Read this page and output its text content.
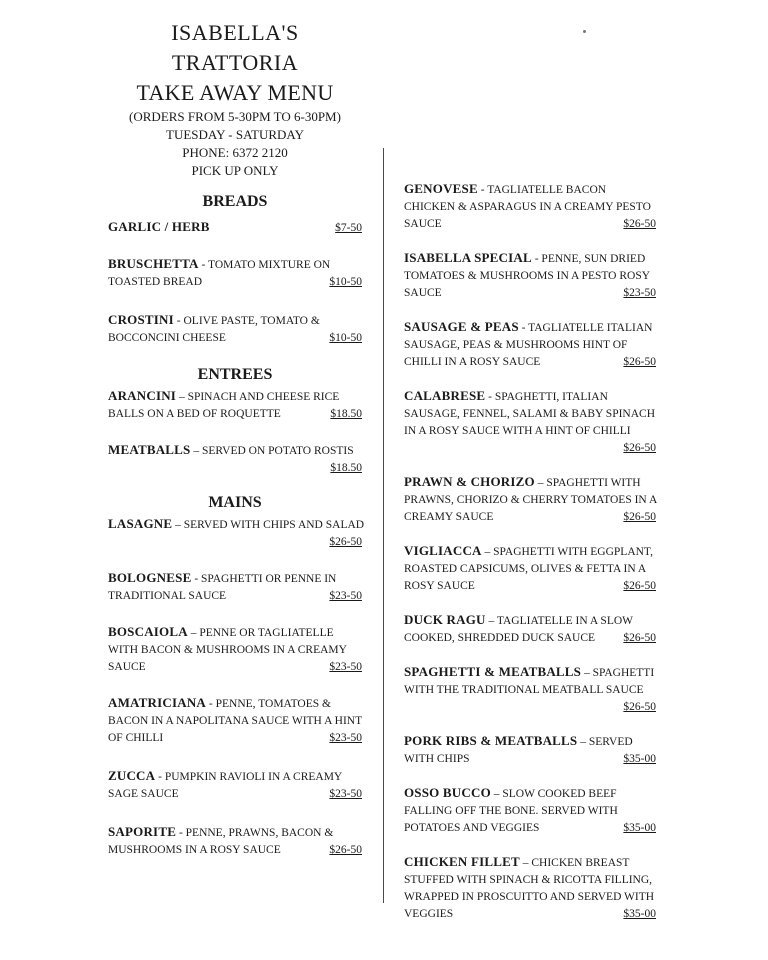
ISABELLA'S
TRATTORIA
TAKE AWAY MENU
(ORDERS FROM 5-30PM TO 6-30PM)
TUESDAY - SATURDAY
PHONE: 6372 2120
PICK UP ONLY
BREADS
GARLIC / HERB	$7-50
BRUSCHETTA - TOMATO MIXTURE ON TOASTED BREAD	$10-50
CROSTINI - OLIVE PASTE, TOMATO & BOCCONCINI CHEESE	$10-50
ENTREES
ARANCINI – SPINACH AND CHEESE RICE BALLS ON A BED OF ROQUETTE	$18.50
MEATBALLS – SERVED ON POTATO ROSTIS
$18.50
MAINS
LASAGNE – SERVED WITH CHIPS AND SALAD
$26-50
BOLOGNESE - SPAGHETTI OR PENNE IN TRADITIONAL SAUCE	$23-50
BOSCAIOLA – PENNE OR TAGLIATELLE WITH BACON & MUSHROOMS IN A CREAMY SAUCE	$23-50
AMATRICIANA - PENNE, TOMATOES & BACON IN A NAPOLITANA SAUCE WITH A HINT OF CHILLI	$23-50
ZUCCA - PUMPKIN RAVIOLI IN A CREAMY SAGE SAUCE	$23-50
SAPORITE - PENNE, PRAWNS, BACON & MUSHROOMS IN A ROSY SAUCE	$26-50
GENOVESE - TAGLIATELLE BACON CHICKEN & ASPARAGUS IN A CREAMY PESTO SAUCE	$26-50
ISABELLA SPECIAL - PENNE, SUN DRIED TOMATOES & MUSHROOMS IN A PESTO ROSY SAUCE	$23-50
SAUSAGE & PEAS - TAGLIATELLE ITALIAN SAUSAGE, PEAS & MUSHROOMS HINT OF CHILLI IN A ROSY SAUCE	$26-50
CALABRESE - SPAGHETTI, ITALIAN SAUSAGE, FENNEL, SALAMI & BABY SPINACH IN A ROSY SAUCE WITH A HINT OF CHILLI
$26-50
PRAWN & CHORIZO – SPAGHETTI WITH PRAWNS, CHORIZO & CHERRY TOMATOES IN A CREAMY SAUCE	$26-50
VIGLIACCA – SPAGHETTI WITH EGGPLANT, ROASTED CAPSICUMS, OLIVES & FETTA IN A ROSY SAUCE	$26-50
DUCK RAGU – TAGLIATELLE IN A SLOW COOKED, SHREDDED DUCK SAUCE $26-50
SPAGHETTI & MEATBALLS – SPAGHETTI WITH THE TRADITIONAL MEATBALL SAUCE
$26-50
PORK RIBS & MEATBALLS – SERVED WITH CHIPS	$35-00
OSSO BUCCO – SLOW COOKED BEEF FALLING OFF THE BONE. SERVED WITH POTATOES AND VEGGIES	$35-00
CHICKEN FILLET – CHICKEN BREAST STUFFED WITH SPINACH & RICOTTA FILLING, WRAPPED IN PROSCUITTO AND SERVED WITH VEGGIES	$35-00
